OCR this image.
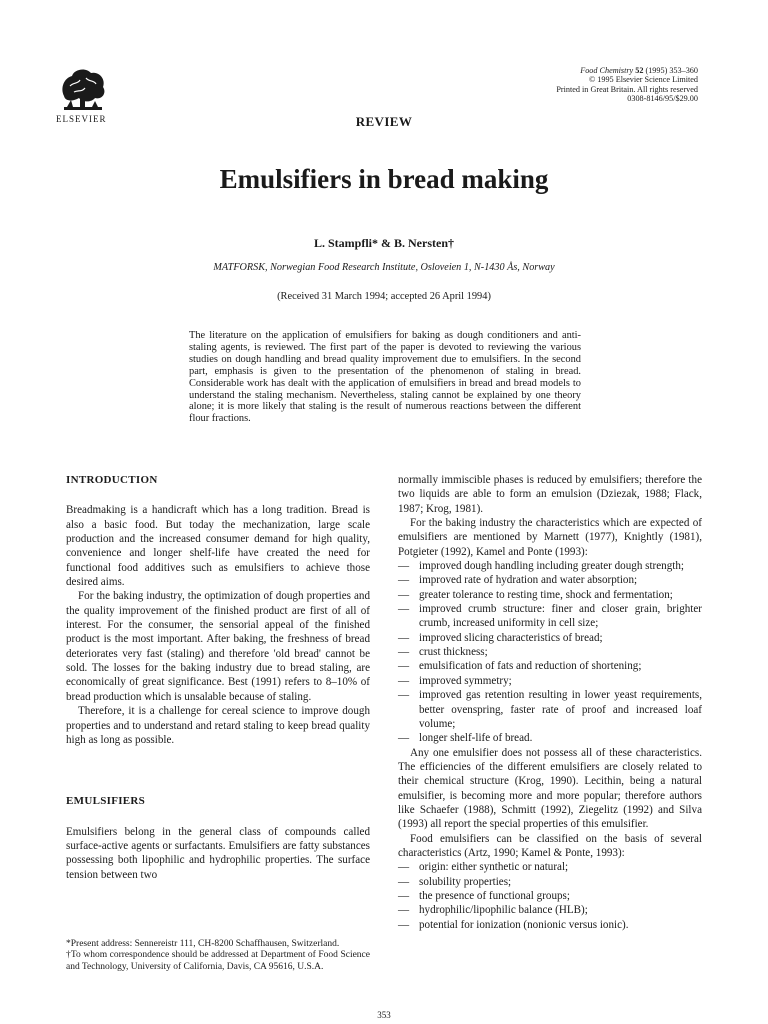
ELSEVIER
Food Chemistry 52 (1995) 353–360
© 1995 Elsevier Science Limited
Printed in Great Britain. All rights reserved
0308-8146/95/$29.00
REVIEW
Emulsifiers in bread making
L. Stampfli* & B. Nersten†
MATFORSK, Norwegian Food Research Institute, Osloveien 1, N-1430 Ås, Norway
(Received 31 March 1994; accepted 26 April 1994)
The literature on the application of emulsifiers for baking as dough conditioners and anti-staling agents, is reviewed. The first part of the paper is devoted to reviewing the various studies on dough handling and bread quality improvement due to emulsifiers. In the second part, emphasis is given to the presentation of the phenomenon of staling in bread. Considerable work has dealt with the application of emulsifiers in bread and bread models to understand the staling mechanism. Nevertheless, staling cannot be explained by one theory alone; it is more likely that staling is the result of numerous reactions between the different flour fractions.

INTRODUCTION

Breadmaking is a handicraft which has a long tradition. Bread is also a basic food. But today the mechanization, large scale production and the increased consumer demand for high quality, convenience and longer shelf-life have created the need for functional food additives such as emulsifiers to achieve those desired aims.

For the baking industry, the optimization of dough properties and the quality improvement of the finished product are first of all of interest. For the consumer, the sensorial appeal of the finished product is the most important. After baking, the freshness of bread deteriorates very fast (staling) and therefore 'old bread' cannot be sold. The losses for the baking industry due to bread staling, are economically of great significance. Best (1991) refers to 8–10% of bread production which is unsalable because of staling.

Therefore, it is a challenge for cereal science to improve dough properties and to understand and retard staling to keep bread quality high as long as possible.

EMULSIFIERS

Emulsifiers belong in the general class of compounds called surface-active agents or surfactants. Emulsifiers are fatty substances possessing both lipophilic and hydrophilic properties. The surface tension between two

normally immiscible phases is reduced by emulsifiers; therefore the two liquids are able to form an emulsion (Dziezak, 1988; Flack, 1987; Krog, 1981).

For the baking industry the characteristics which are expected of emulsifiers are mentioned by Marnett (1977), Knightly (1981), Potgieter (1992), Kamel and Ponte (1993):

— improved dough handling including greater dough strength;
— improved rate of hydration and water absorption;
— greater tolerance to resting time, shock and fermentation;
— improved crumb structure: finer and closer grain, brighter crumb, increased uniformity in cell size;
— improved slicing characteristics of bread;
— crust thickness;
— emulsification of fats and reduction of shortening;
— improved symmetry;
— improved gas retention resulting in lower yeast requirements, better ovenspring, faster rate of proof and increased loaf volume;
— longer shelf-life of bread.

Any one emulsifier does not possess all of these characteristics. The efficiencies of the different emulsifiers are closely related to their chemical structure (Krog, 1990). Lecithin, being a natural emulsifier, is becoming more and more popular; therefore authors like Schaefer (1988), Schmitt (1992), Ziegelitz (1992) and Silva (1993) all report the special properties of this emulsifier.

Food emulsifiers can be classified on the basis of several characteristics (Artz, 1990; Kamel & Ponte, 1993):

— origin: either synthetic or natural;
— solubility properties;
— the presence of functional groups;
— hydrophilic/lipophilic balance (HLB);
— potential for ionization (nonionic versus ionic).

*Present address: Sennereistr 111, CH-8200 Schaffhausen, Switzerland.

†To whom correspondence should be addressed at Department of Food Science and Technology, University of California, Davis, CA 95616, U.S.A.

353
